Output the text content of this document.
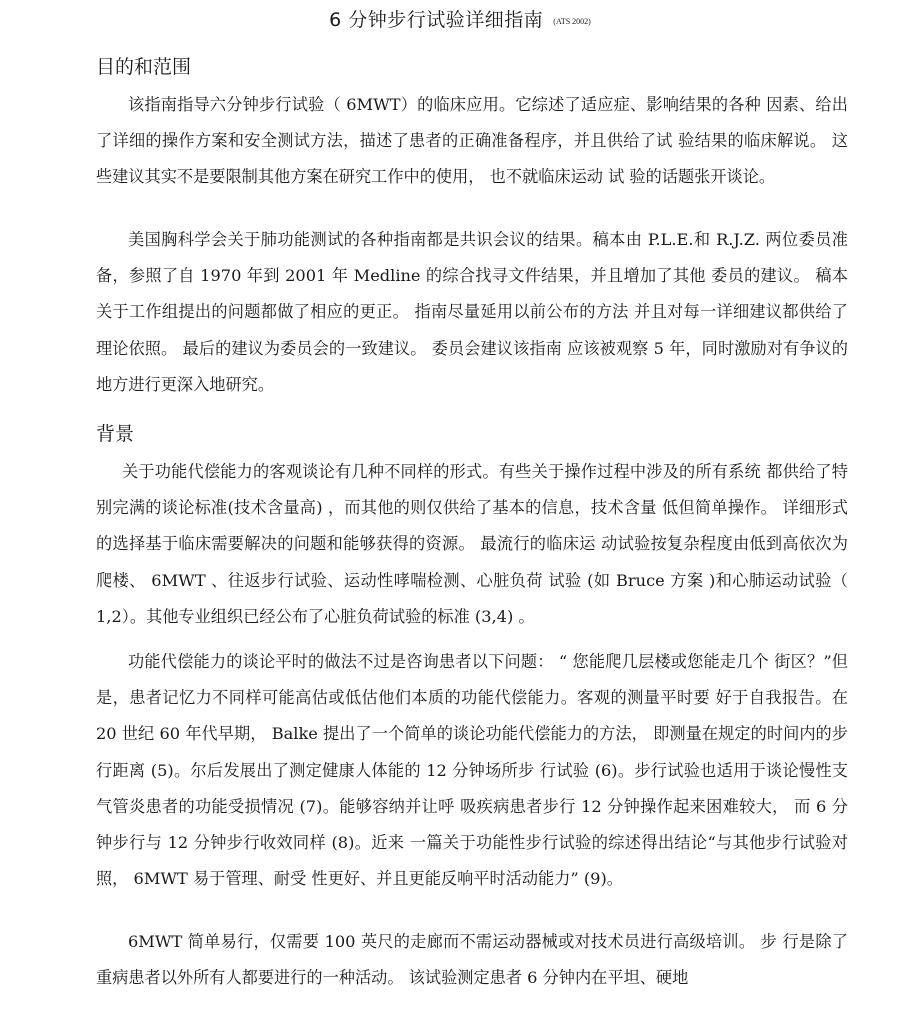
6 分钟步行试验详细指南 (ATS 2002)
目的和范围

该指南指导六分钟步行试验（ 6MWT）的临床应用。它综述了适应症、影响结果的各种 因素、给出了详细的操作方案和安全测试方法，描述了患者的正确准备程序，并且供给了试 验结果的临床解说。 这些建议其实不是要限制其他方案在研究工作中的使用， 也不就临床运动 试 验的话题张开谈论。

美国胸科学会关于肺功能测试的各种指南都是共识会议的结果。稿本由 P.L.E.和 R.J.Z. 两位委员准备，参照了自 1970 年到 2001 年 Medline 的综合找寻文件结果，并且增加了其他 委员的建议。 稿本关于工作组提出的问题都做了相应的更正。 指南尽量延用以前公布的方法 并且对每一详细建议都供给了理论依照。 最后的建议为委员会的一致建议。 委员会建议该指南 应该被观察 5 年，同时激励对有争议的地方进行更深入地研究。

背景

关于功能代偿能力的客观谈论有几种不同样的形式。有些关于操作过程中涉及的所有系统 都供给了特别完满的谈论标准(技术含量高) ，而其他的则仅供给了基本的信息，技术含量 低但简单操作。 详细形式的选择基于临床需要解决的问题和能够获得的资源。 最流行的临床运 动试验按复杂程度由低到高依次为爬楼、 6MWT 、往返步行试验、运动性哮喘检测、心脏负荷 试验 (如 Bruce 方案 )和心肺运动试验（ 1,2）。其他专业组织已经公布了心脏负荷试验的标准 (3,4) 。

功能代偿能力的谈论平时的做法不过是咨询患者以下问题： “ 您能爬几层楼或您能走几个 街区？”但是，患者记忆力不同样可能高估或低估他们本质的功能代偿能力。客观的测量平时要 好于自我报告。在 20 世纪 60 年代早期， Balke 提出了一个简单的谈论功能代偿能力的方法， 即测量在规定的时间内的步行距离 (5)。尔后发展出了测定健康人体能的 12 分钟场所步 行试验 (6)。步行试验也适用于谈论慢性支气管炎患者的功能受损情况 (7)。能够容纳并让呼 吸疾病患者步行 12 分钟操作起来困难较大， 而 6 分钟步行与 12 分钟步行收效同样 (8)。近来 一篇关于功能性步行试验的综述得出结论“与其他步行试验对照， 6MWT 易于管理、耐受 性更好、并且更能反响平时活动能力” (9)。

6MWT 简单易行，仅需要 100 英尺的走廊而不需运动器械或对技术员进行高级培训。 步 行是除了重病患者以外所有人都要进行的一种活动。 该试验测定患者 6 分钟内在平坦、硬地
